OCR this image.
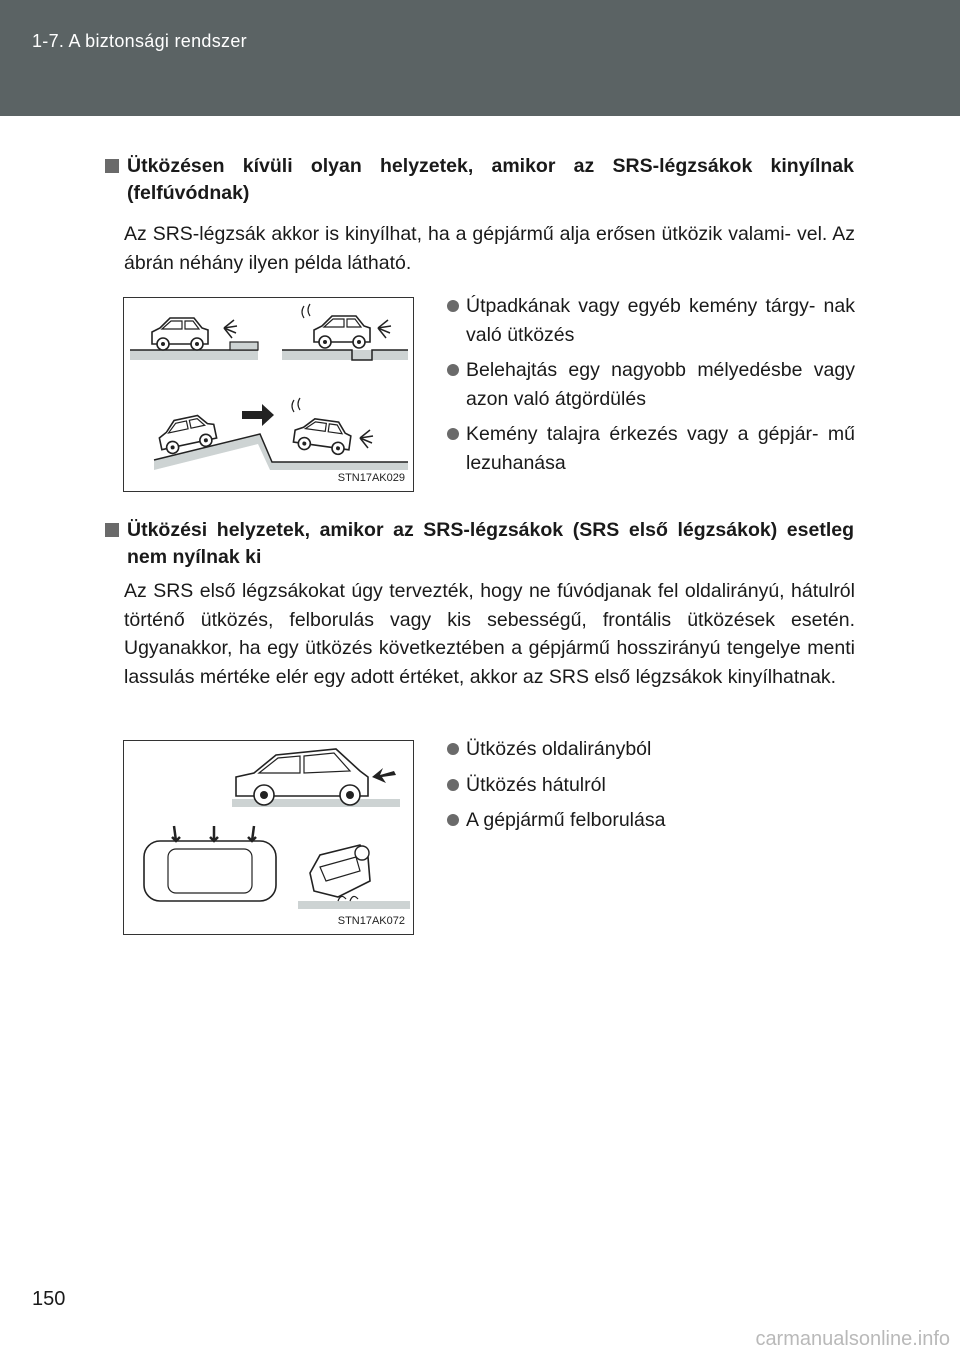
1-7. A biztonsági rendszer
Ütközésen kívüli olyan helyzetek, amikor az SRS-légzsákok kinyílnak (felfúvódnak)
Az SRS-légzsák akkor is kinyílhat, ha a gépjármű alja erősen ütközik valami- vel. Az ábrán néhány ilyen példa látható.
STN17AK029
Útpadkának vagy egyéb kemény tárgy- nak való ütközés
Belehajtás egy nagyobb mélyedésbe vagy azon való átgördülés
Kemény talajra érkezés vagy a gépjár- mű lezuhanása
Ütközési helyzetek, amikor az SRS-légzsákok (SRS első légzsákok) esetleg nem nyílnak ki
Az SRS első légzsákokat úgy tervezték, hogy ne fúvódjanak fel oldalirányú, hátulról történő ütközés, felborulás vagy kis sebességű, frontális ütközések esetén. Ugyanakkor, ha egy ütközés következtében a gépjármű hosszirányú tengelye menti lassulás mértéke elér egy adott értéket, akkor az SRS első légzsákok kinyílhatnak.
STN17AK072
Ütközés oldalirányból
Ütközés hátulról
A gépjármű felborulása
150
carmanualsonline.info
